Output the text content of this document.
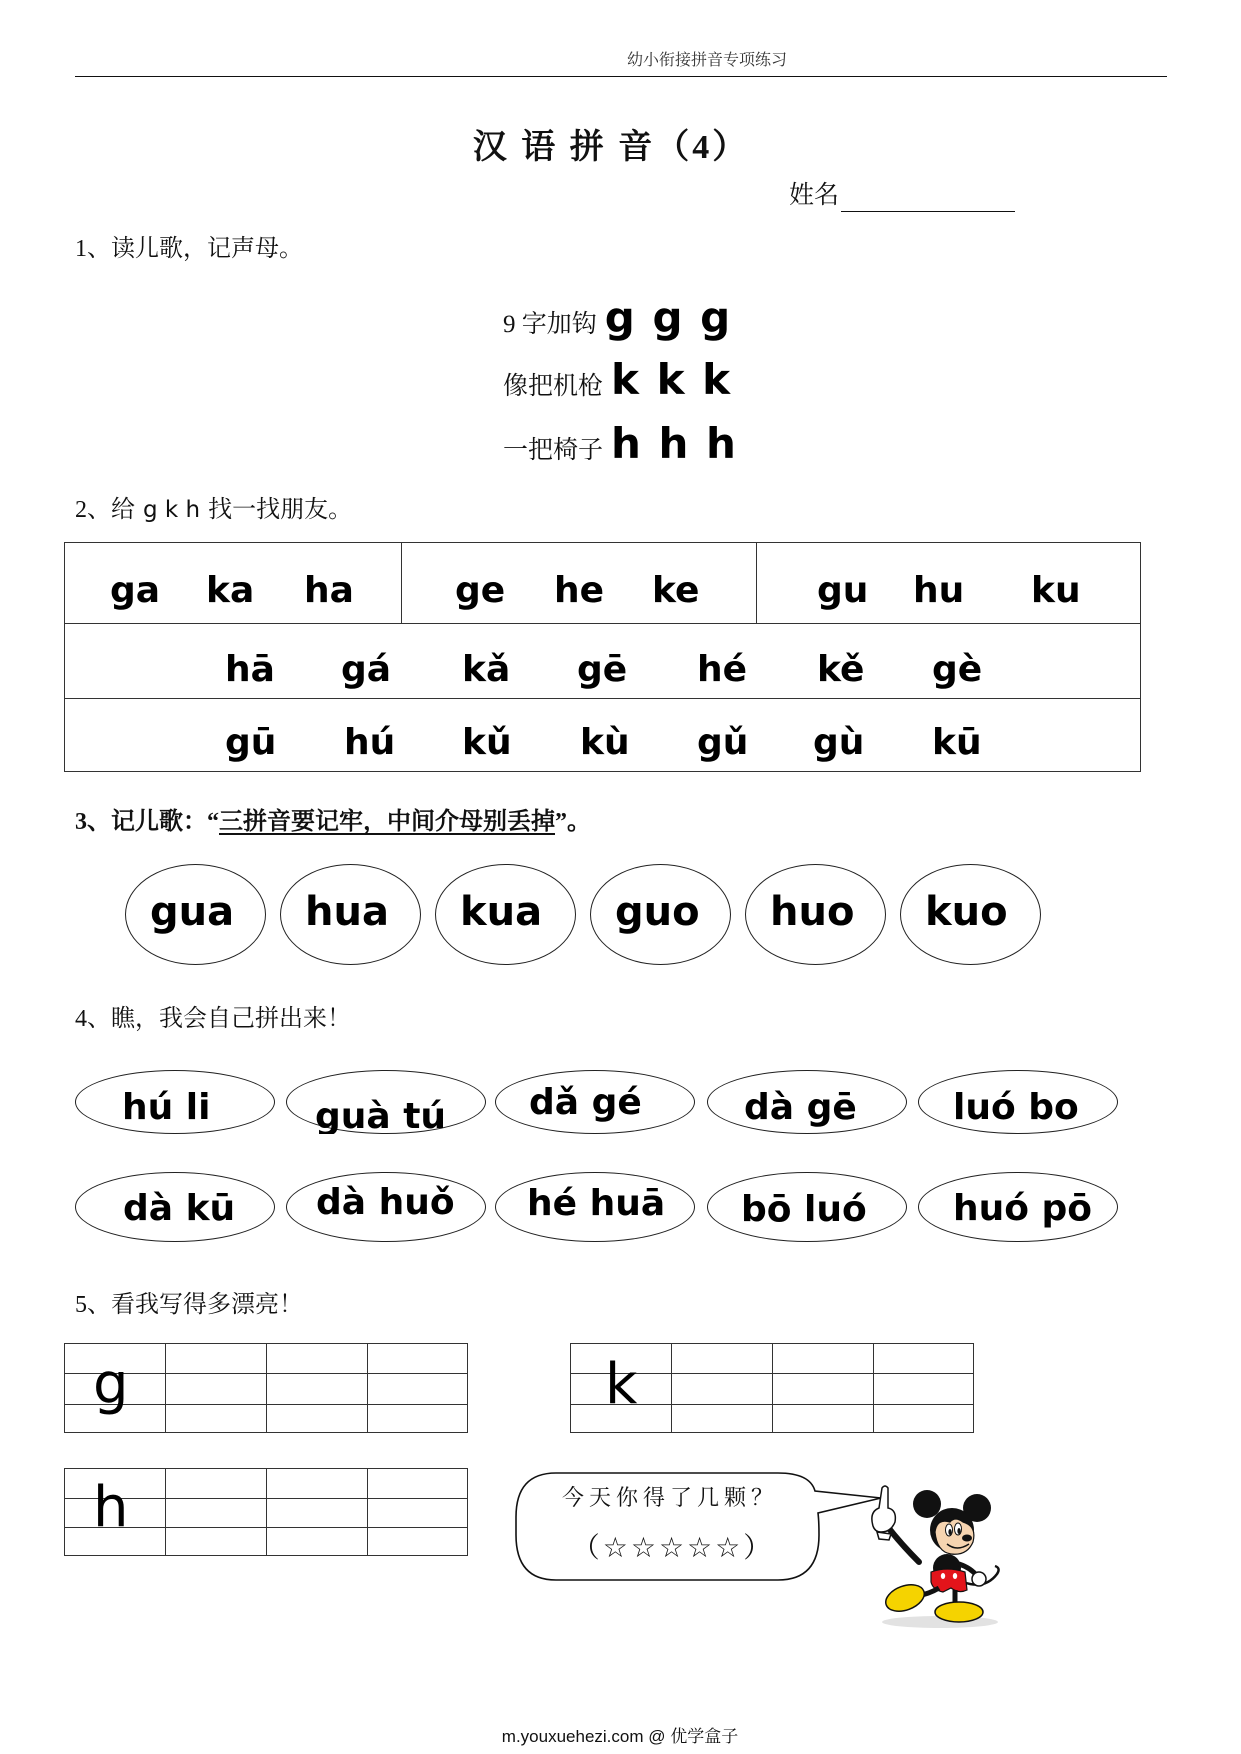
幼小衔接拼音专项练习
汉 语 拼 音（4）
姓名
1、读儿歌，记声母。
9 字加钩 g g g
像把机枪 k k k
一把椅子 h h h
2、给 g k h 找一找朋友。
ga ka ha	ge he ke	gu hu ku
hā gá kǎ gē hé kě gè
gū hú kǔ kù gǔ gù kū
3、记儿歌：“三拼音要记牢，中间介母别丢掉”。
gua hua kua guo huo kuo
4、瞧，我会自己拼出来！
hú li	guà tú dǎ gé	dà gē	luó bo
dà kū dà huǒ hé huā bō luó huó pō
5、看我写得多漂亮！
g	k
h	今天你得了几颗？
（☆☆☆☆☆）
m.youxuehezi.com @ 优学盒子
